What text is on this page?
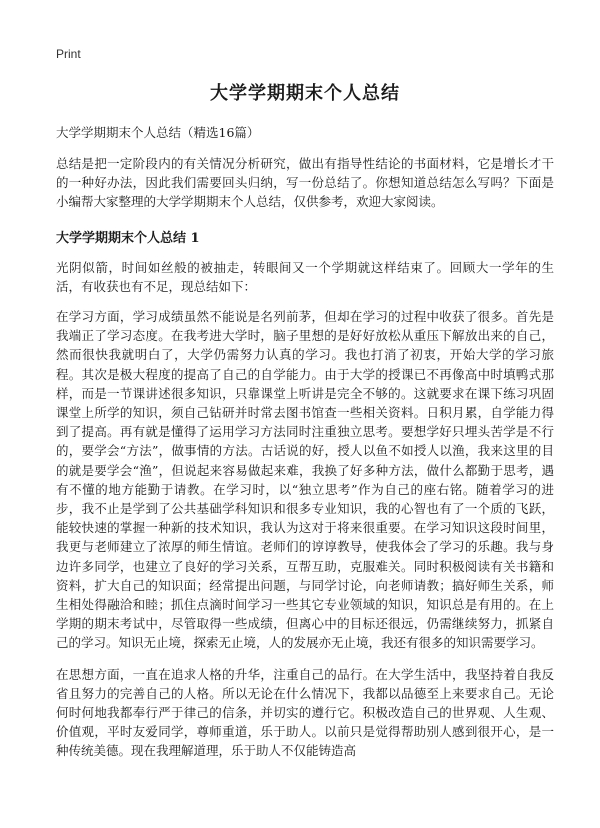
Print

大学学期期末个人总结

大学学期期末个人总结（精选16篇）

总结是把一定阶段内的有关情况分析研究，做出有指导性结论的书面材料，它是增长才干的一种好办法，因此我们需要回头归纳，写一份总结了。你想知道总结怎么写吗？下面是小编帮大家整理的大学学期期末个人总结，仅供参考，欢迎大家阅读。

大学学期期末个人总结 1

光阴似箭，时间如丝般的被抽走，转眼间又一个学期就这样结束了。回顾大一学年的生活，有收获也有不足，现总结如下：

在学习方面，学习成绩虽然不能说是名列前茅，但却在学习的过程中收获了很多。首先是我端正了学习态度。在我考进大学时，脑子里想的是好好放松从重压下解放出来的自己，然而很快我就明白了，大学仍需努力认真的学习。我也打消了初衷，开始大学的学习旅程。其次是极大程度的提高了自己的自学能力。由于大学的授课已不再像高中时填鸭式那样，而是一节课讲述很多知识，只靠课堂上听讲是完全不够的。这就要求在课下练习巩固课堂上所学的知识，须自己钻研并时常去图书馆查一些相关资料。日积月累，自学能力得到了提高。再有就是懂得了运用学习方法同时注重独立思考。要想学好只埋头苦学是不行的，要学会“方法”，做事情的方法。古话说的好，授人以鱼不如授人以渔，我来这里的目的就是要学会“渔”，但说起来容易做起来难，我换了好多种方法，做什么都勤于思考，遇有不懂的地方能勤于请教。在学习时，以“独立思考”作为自己的座右铭。随着学习的进步，我不止是学到了公共基础学科知识和很多专业知识，我的心智也有了一个质的飞跃，能较快速的掌握一种新的技术知识，我认为这对于将来很重要。在学习知识这段时间里，我更与老师建立了浓厚的师生情谊。老师们的谆谆教导，使我体会了学习的乐趣。我与身边许多同学，也建立了良好的学习关系，互帮互助，克服难关。同时积极阅读有关书籍和资料，扩大自己的知识面；经常提出问题，与同学讨论，向老师请教；搞好师生关系，师生相处得融洽和睦；抓住点滴时间学习一些其它专业领域的知识，知识总是有用的。在上学期的期末考试中，尽管取得一些成绩，但离心中的目标还很远，仍需继续努力，抓紧自己的学习。知识无止境，探索无止境，人的发展亦无止境，我还有很多的知识需要学习。

在思想方面，一直在追求人格的升华，注重自己的品行。在大学生活中，我坚持着自我反省且努力的完善自己的人格。所以无论在什么情况下，我都以品德至上来要求自己。无论何时何地我都奉行严于律己的信条，并切实的遵行它。积极改造自己的世界观、人生观、价值观，平时友爱同学，尊师重道，乐于助人。以前只是觉得帮助别人感到很开心，是一种传统美德。现在我理解道理，乐于助人不仅能铸造高
